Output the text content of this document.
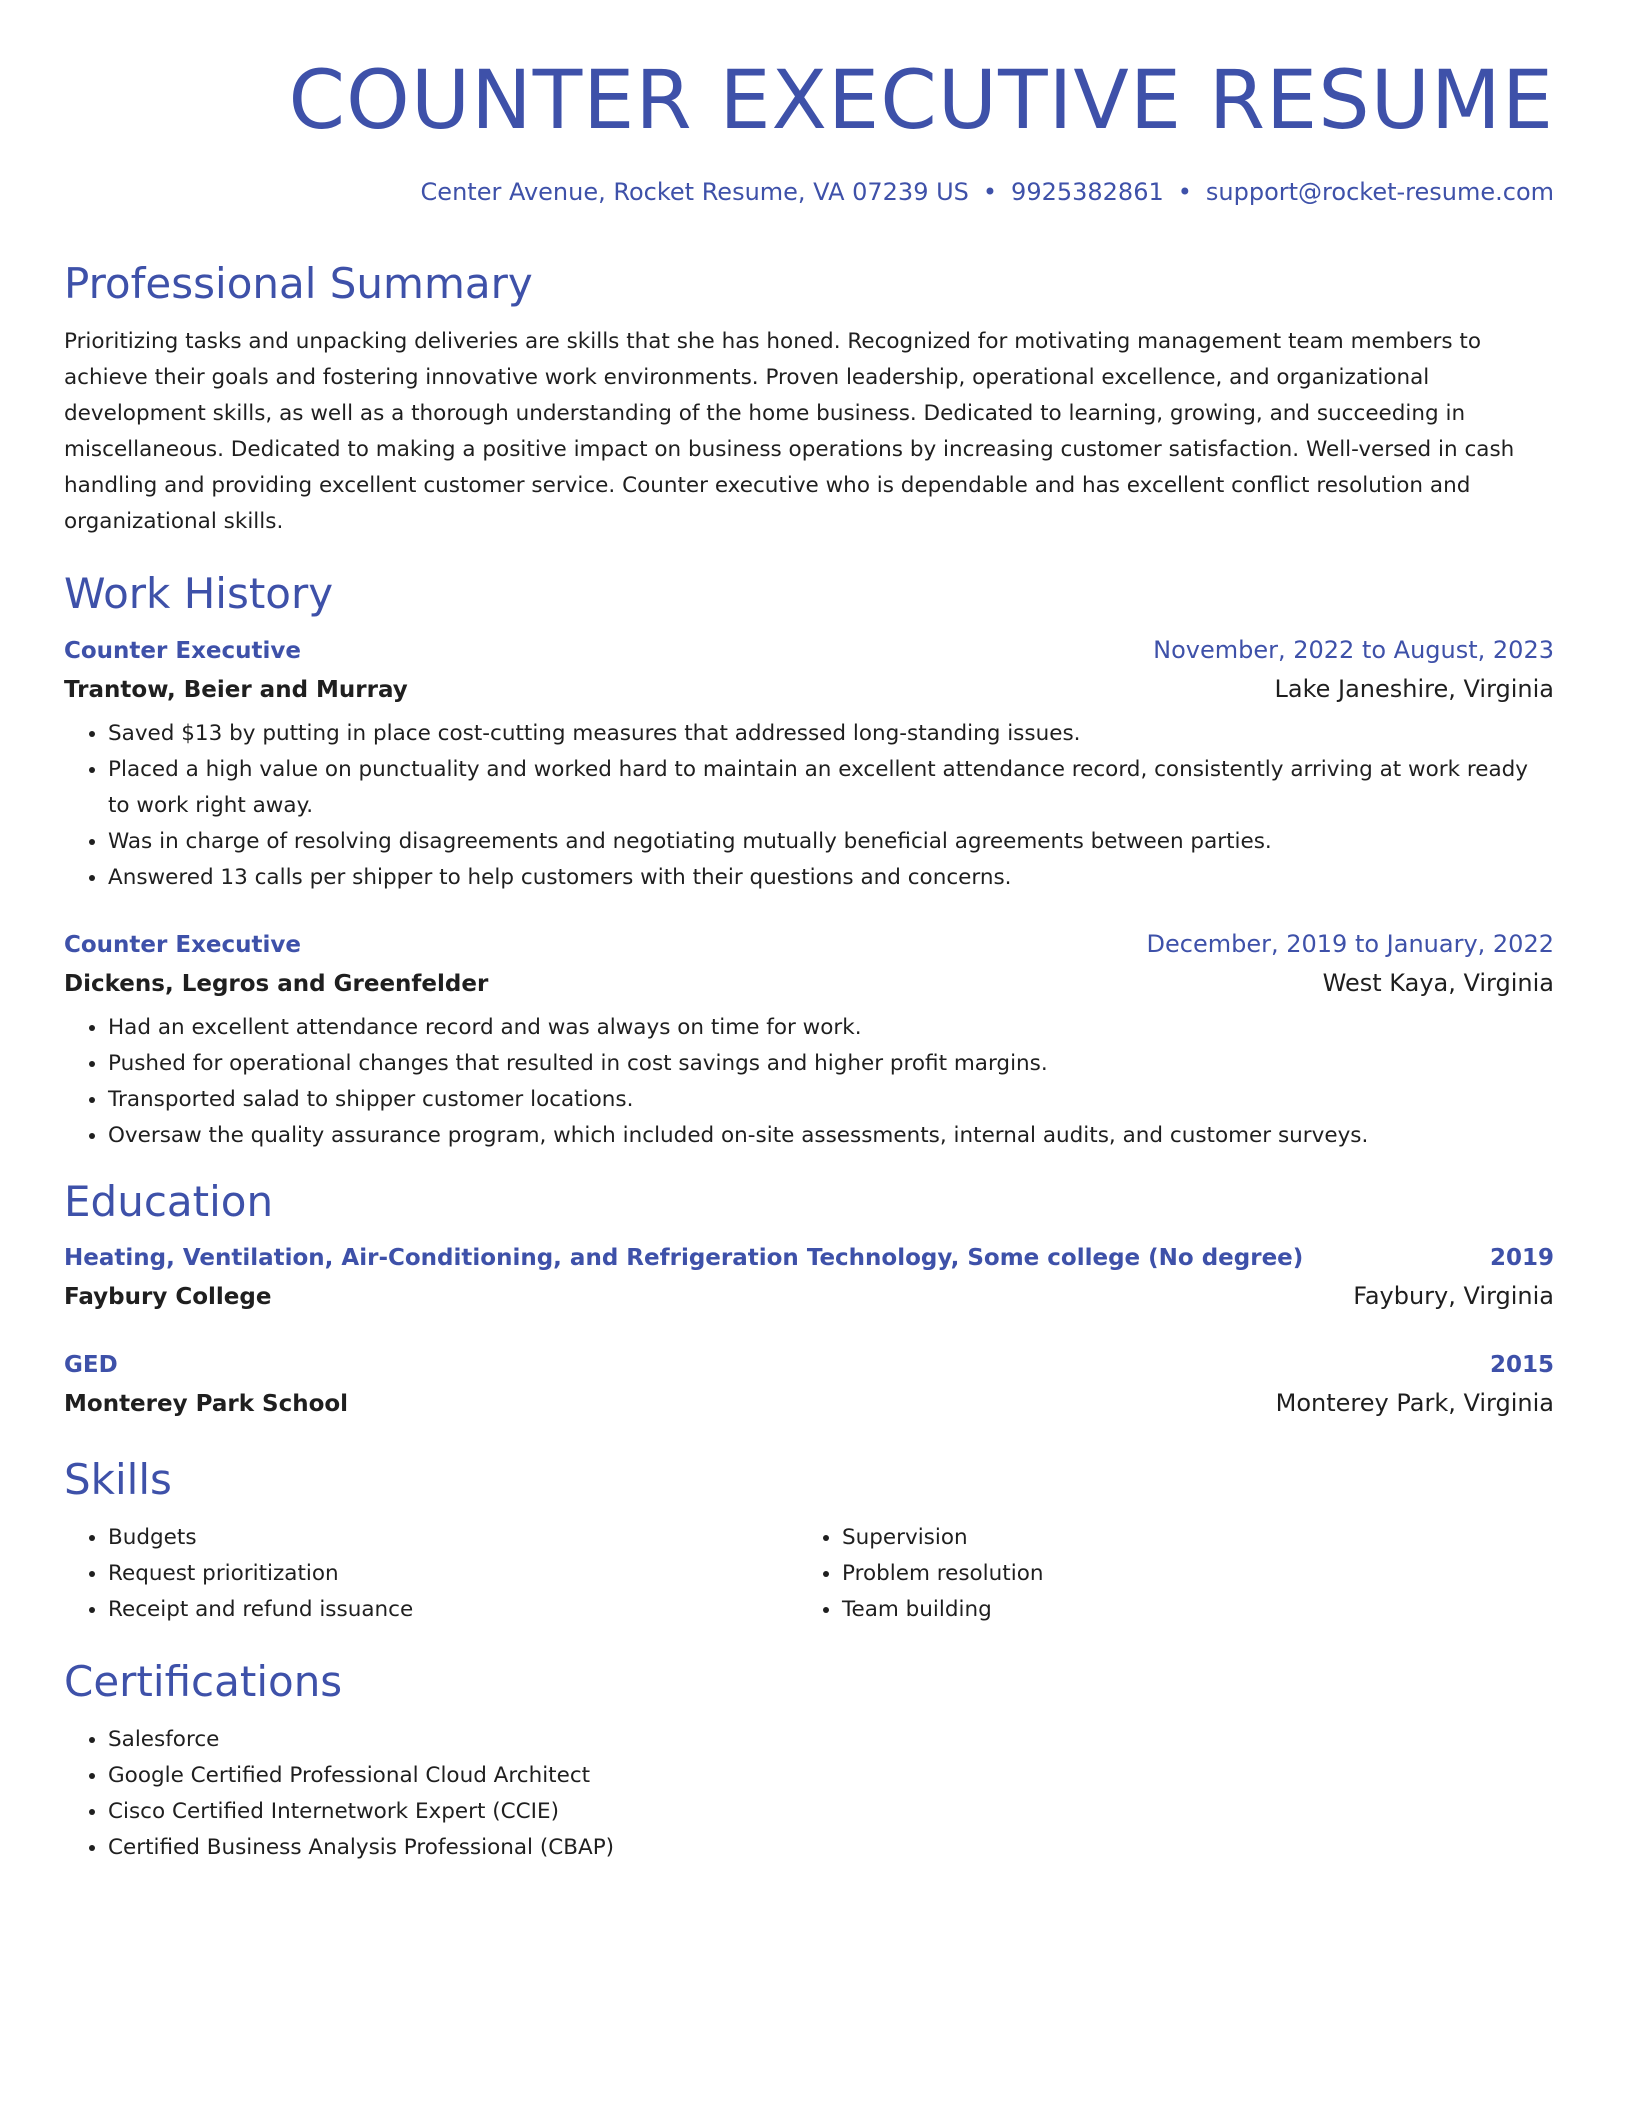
COUNTER EXECUTIVE RESUME
Center Avenue, Rocket Resume, VA 07239 US • 9925382861 • support@rocket-resume.com
Professional Summary

Prioritizing tasks and unpacking deliveries are skills that she has honed. Recognized for motivating management team members to achieve their goals and fostering innovative work environments. Proven leadership, operational excellence, and organizational development skills, as well as a thorough understanding of the home business. Dedicated to learning, growing, and succeeding in miscellaneous. Dedicated to making a positive impact on business operations by increasing customer satisfaction. Well-versed in cash handling and providing excellent customer service. Counter executive who is dependable and has excellent conflict resolution and organizational skills.

Work History
Counter Executive	November, 2022 to August, 2023
Trantow, Beier and Murray	Lake Janeshire, Virginia
• Saved $13 by putting in place cost-cutting measures that addressed long-standing issues.
• Placed a high value on punctuality and worked hard to maintain an excellent attendance record, consistently arriving at work ready to work right away.
• Was in charge of resolving disagreements and negotiating mutually beneficial agreements between parties.
• Answered 13 calls per shipper to help customers with their questions and concerns.
Counter Executive	December, 2019 to January, 2022
Dickens, Legros and Greenfelder	West Kaya, Virginia
• Had an excellent attendance record and was always on time for work.
• Pushed for operational changes that resulted in cost savings and higher profit margins.
• Transported salad to shipper customer locations.
• Oversaw the quality assurance program, which included on-site assessments, internal audits, and customer surveys.
Education
Heating, Ventilation, Air-Conditioning, and Refrigeration Technology, Some college (No degree)	2019
Faybury College	Faybury, Virginia
GED	2015
Monterey Park School	Monterey Park, Virginia
Skills
• Budgets
• Request prioritization
• Receipt and refund issuance
• Supervision
• Problem resolution
• Team building
Certifications
• Salesforce
• Google Certified Professional Cloud Architect
• Cisco Certified Internetwork Expert (CCIE)
• Certified Business Analysis Professional (CBAP)
